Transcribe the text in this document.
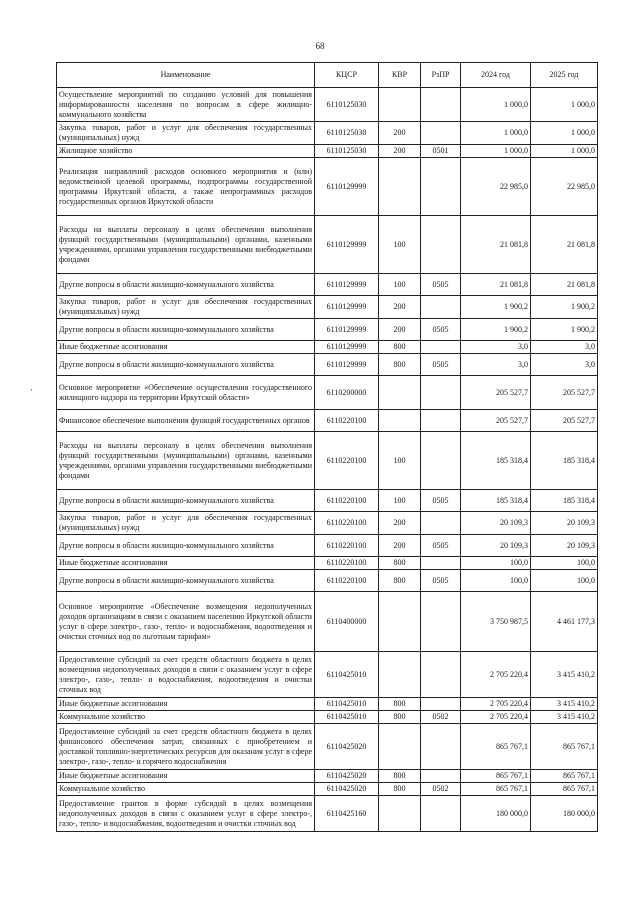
68
·
Наименование	КЦСР	КВР	РзПР	2024 год	2025 год
Осуществление мероприятий по созданию условий для повышения информированности населения по вопросам в сфере жилищно-коммунального хозяйства	6110125030			1 000,0	1 000,0
Закупка товаров, работ и услуг для обеспечения государственных (муниципальных) нужд	6110125030	200		1 000,0	1 000,0
Жилищное хозяйство	6110125030	200	0501	1 000,0	1 000,0
Реализация направлений расходов основного мероприятия и (или) ведомственной целевой программы, подпрограммы государственной программы Иркутской области, а также непрограммных расходов государственных органов Иркутской области	6110129999			22 985,0	22 985,0
Расходы на выплаты персоналу в целях обеспечения выполнения функций государственными (муниципальными) органами, казенными учреждениями, органами управления государственными внебюджетными фондами	6110129999	100		21 081,8	21 081,8
Другие вопросы в области жилищно-коммунального хозяйства	6110129999	100	0505	21 081,8	21 081,8
Закупка товаров, работ и услуг для обеспечения государственных (муниципальных) нужд	6110129999	200		1 900,2	1 900,2
Другие вопросы в области жилищно-коммунального хозяйства	6110129999	200	0505	1 900,2	1 900,2
Иные бюджетные ассигнования	6110129999	800		3,0	3,0
Другие вопросы в области жилищно-коммунального хозяйства	6110129999	800	0505	3,0	3,0
Основное мероприятие «Обеспечение осуществления государственного жилищного надзора на территории Иркутской области»	6110200000			205 527,7	205 527,7
Финансовое обеспечение выполнения функций государственных органов	6110220100			205 527,7	205 527,7
Расходы на выплаты персоналу в целях обеспечения выполнения функций государственными (муниципальными) органами, казенными учреждениями, органами управления государственными внебюджетными фондами	6110220100	100		185 318,4	185 318,4
Другие вопросы в области жилищно-коммунального хозяйства	6110220100	100	0505	185 318,4	185 318,4
Закупка товаров, работ и услуг для обеспечения государственных (муниципальных) нужд	6110220100	200		20 109,3	20 109,3
Другие вопросы в области жилищно-коммунального хозяйства	6110220100	200	0505	20 109,3	20 109,3
Иные бюджетные ассигнования	6110220100	800		100,0	100,0
Другие вопросы в области жилищно-коммунального хозяйства	6110220100	800	0505	100,0	100,0
Основное мероприятие «Обеспечение возмещения недополученных доходов организациям в связи с оказанием населению Иркутской области услуг в сфере электро-, газо-, тепло- и водоснабжения, водоотведения и очистки сточных вод по льготным тарифам»	6110400000			3 750 987,5	4 461 177,3
Предоставление субсидий за счет средств областного бюджета в целях возмещения недополученных доходов в связи с оказанием услуг в сфере электро-, газо-, тепло- и водоснабжения, водоотведения и очистки сточных вод	6110425010			2 705 220,4	3 415 410,2
Иные бюджетные ассигнования	6110425010	800		2 705 220,4	3 415 410,2
Коммунальное хозяйство	6110425010	800	0502	2 705 220,4	3 415 410,2
Предоставление субсидий за счет средств областного бюджета в целях финансового обеспечения затрат, связанных с приобретением и доставкой топливно-энергетических ресурсов для оказания услуг в сфере электро-, газо-, тепло- и горячего водоснабжения	6110425020			865 767,1	865 767,1
Иные бюджетные ассигнования	6110425020	800		865 767,1	865 767,1
Коммунальное хозяйство	6110425020	800	0502	865 767,1	865 767,1
Предоставление грантов в форме субсидий в целях возмещения недополученных доходов в связи с оказанием услуг в сфере электро-, газо-, тепло- и водоснабжения, водоотведения и очистки сточных вод	6110425160			180 000,0	180 000,0
